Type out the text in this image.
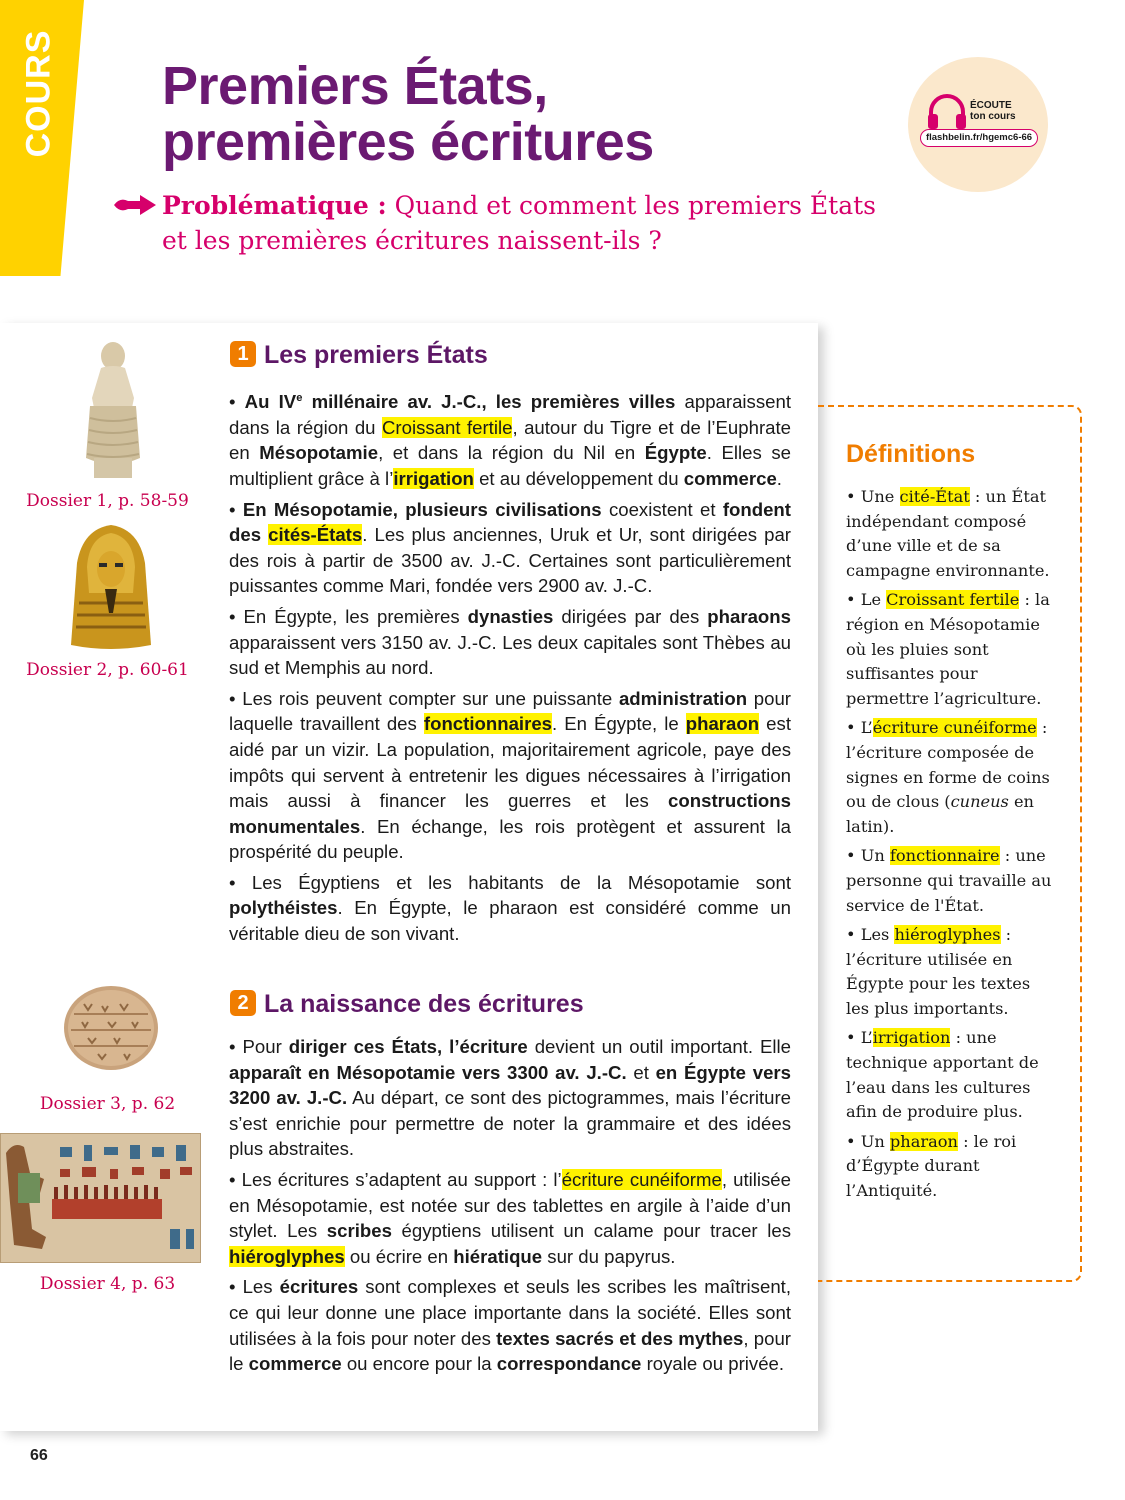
COURS Premiers États,
premières écritures
Problématique : Quand et comment les premiers États et les premières écritures naissent-ils ?
ÉCOUTE
ton cours
flashbelin.fr/hgemc6-66
Dossier 1, p. 58-59
Dossier 2, p. 60-61
Dossier 3, p. 62
Dossier 4, p. 63
1 Les premiers États

• Au IVe millénaire av. J.-C., les premières villes apparaissent dans la région du Croissant fertile, autour du Tigre et de l’Euphrate en Mésopotamie, et dans la région du Nil en Égypte. Elles se multiplient grâce à l’irrigation et au développement du commerce.

• En Mésopotamie, plusieurs civilisations coexistent et fondent des cités-États. Les plus anciennes, Uruk et Ur, sont dirigées par des rois à partir de 3500 av. J.-C. Certaines sont particulièrement puissantes comme Mari, fondée vers 2900 av. J.-C.

• En Égypte, les premières dynasties dirigées par des pharaons apparaissent vers 3150 av. J.-C. Les deux capitales sont Thèbes au sud et Memphis au nord.

• Les rois peuvent compter sur une puissante administration pour laquelle travaillent des fonctionnaires. En Égypte, le pharaon est aidé par un vizir. La population, majoritairement agricole, paye des impôts qui servent à entretenir les digues nécessaires à l’irrigation mais aussi à financer les guerres et les constructions monumentales. En échange, les rois protègent et assurent la prospérité du peuple.

• Les Égyptiens et les habitants de la Mésopotamie sont polythéistes. En Égypte, le pharaon est considéré comme un véritable dieu de son vivant.

2 La naissance des écritures

• Pour diriger ces États, l’écriture devient un outil important. Elle apparaît en Mésopotamie vers 3300 av. J.-C. et en Égypte vers 3200 av. J.-C. Au départ, ce sont des pictogrammes, mais l’écriture s’est enrichie pour permettre de noter la grammaire et des idées plus abstraites.

• Les écritures s’adaptent au support : l’écriture cunéiforme, utilisée en Mésopotamie, est notée sur des tablettes en argile à l’aide d’un stylet. Les scribes égyptiens utilisent un calame pour tracer les hiéroglyphes ou écrire en hiératique sur du papyrus.

• Les écritures sont complexes et seuls les scribes les maîtrisent, ce qui leur donne une place importante dans la société. Elles sont utilisées à la fois pour noter des textes sacrés et des mythes, pour le commerce ou encore pour la correspondance royale ou privée.

Définitions

• Une cité-État : un État indépendant composé d’une ville et de sa campagne environnante.

• Le Croissant fertile : la région en Mésopotamie où les pluies sont suffisantes pour permettre l’agriculture.

• L’écriture cunéiforme : l’écriture composée de signes en forme de coins ou de clous (cuneus en latin).

• Un fonctionnaire : une personne qui travaille au service de l'État.

• Les hiéroglyphes : l’écriture utilisée en Égypte pour les textes les plus importants.

• L’irrigation : une technique apportant de l’eau dans les cultures afin de produire plus.

• Un pharaon : le roi d’Égypte durant l’Antiquité.

66
